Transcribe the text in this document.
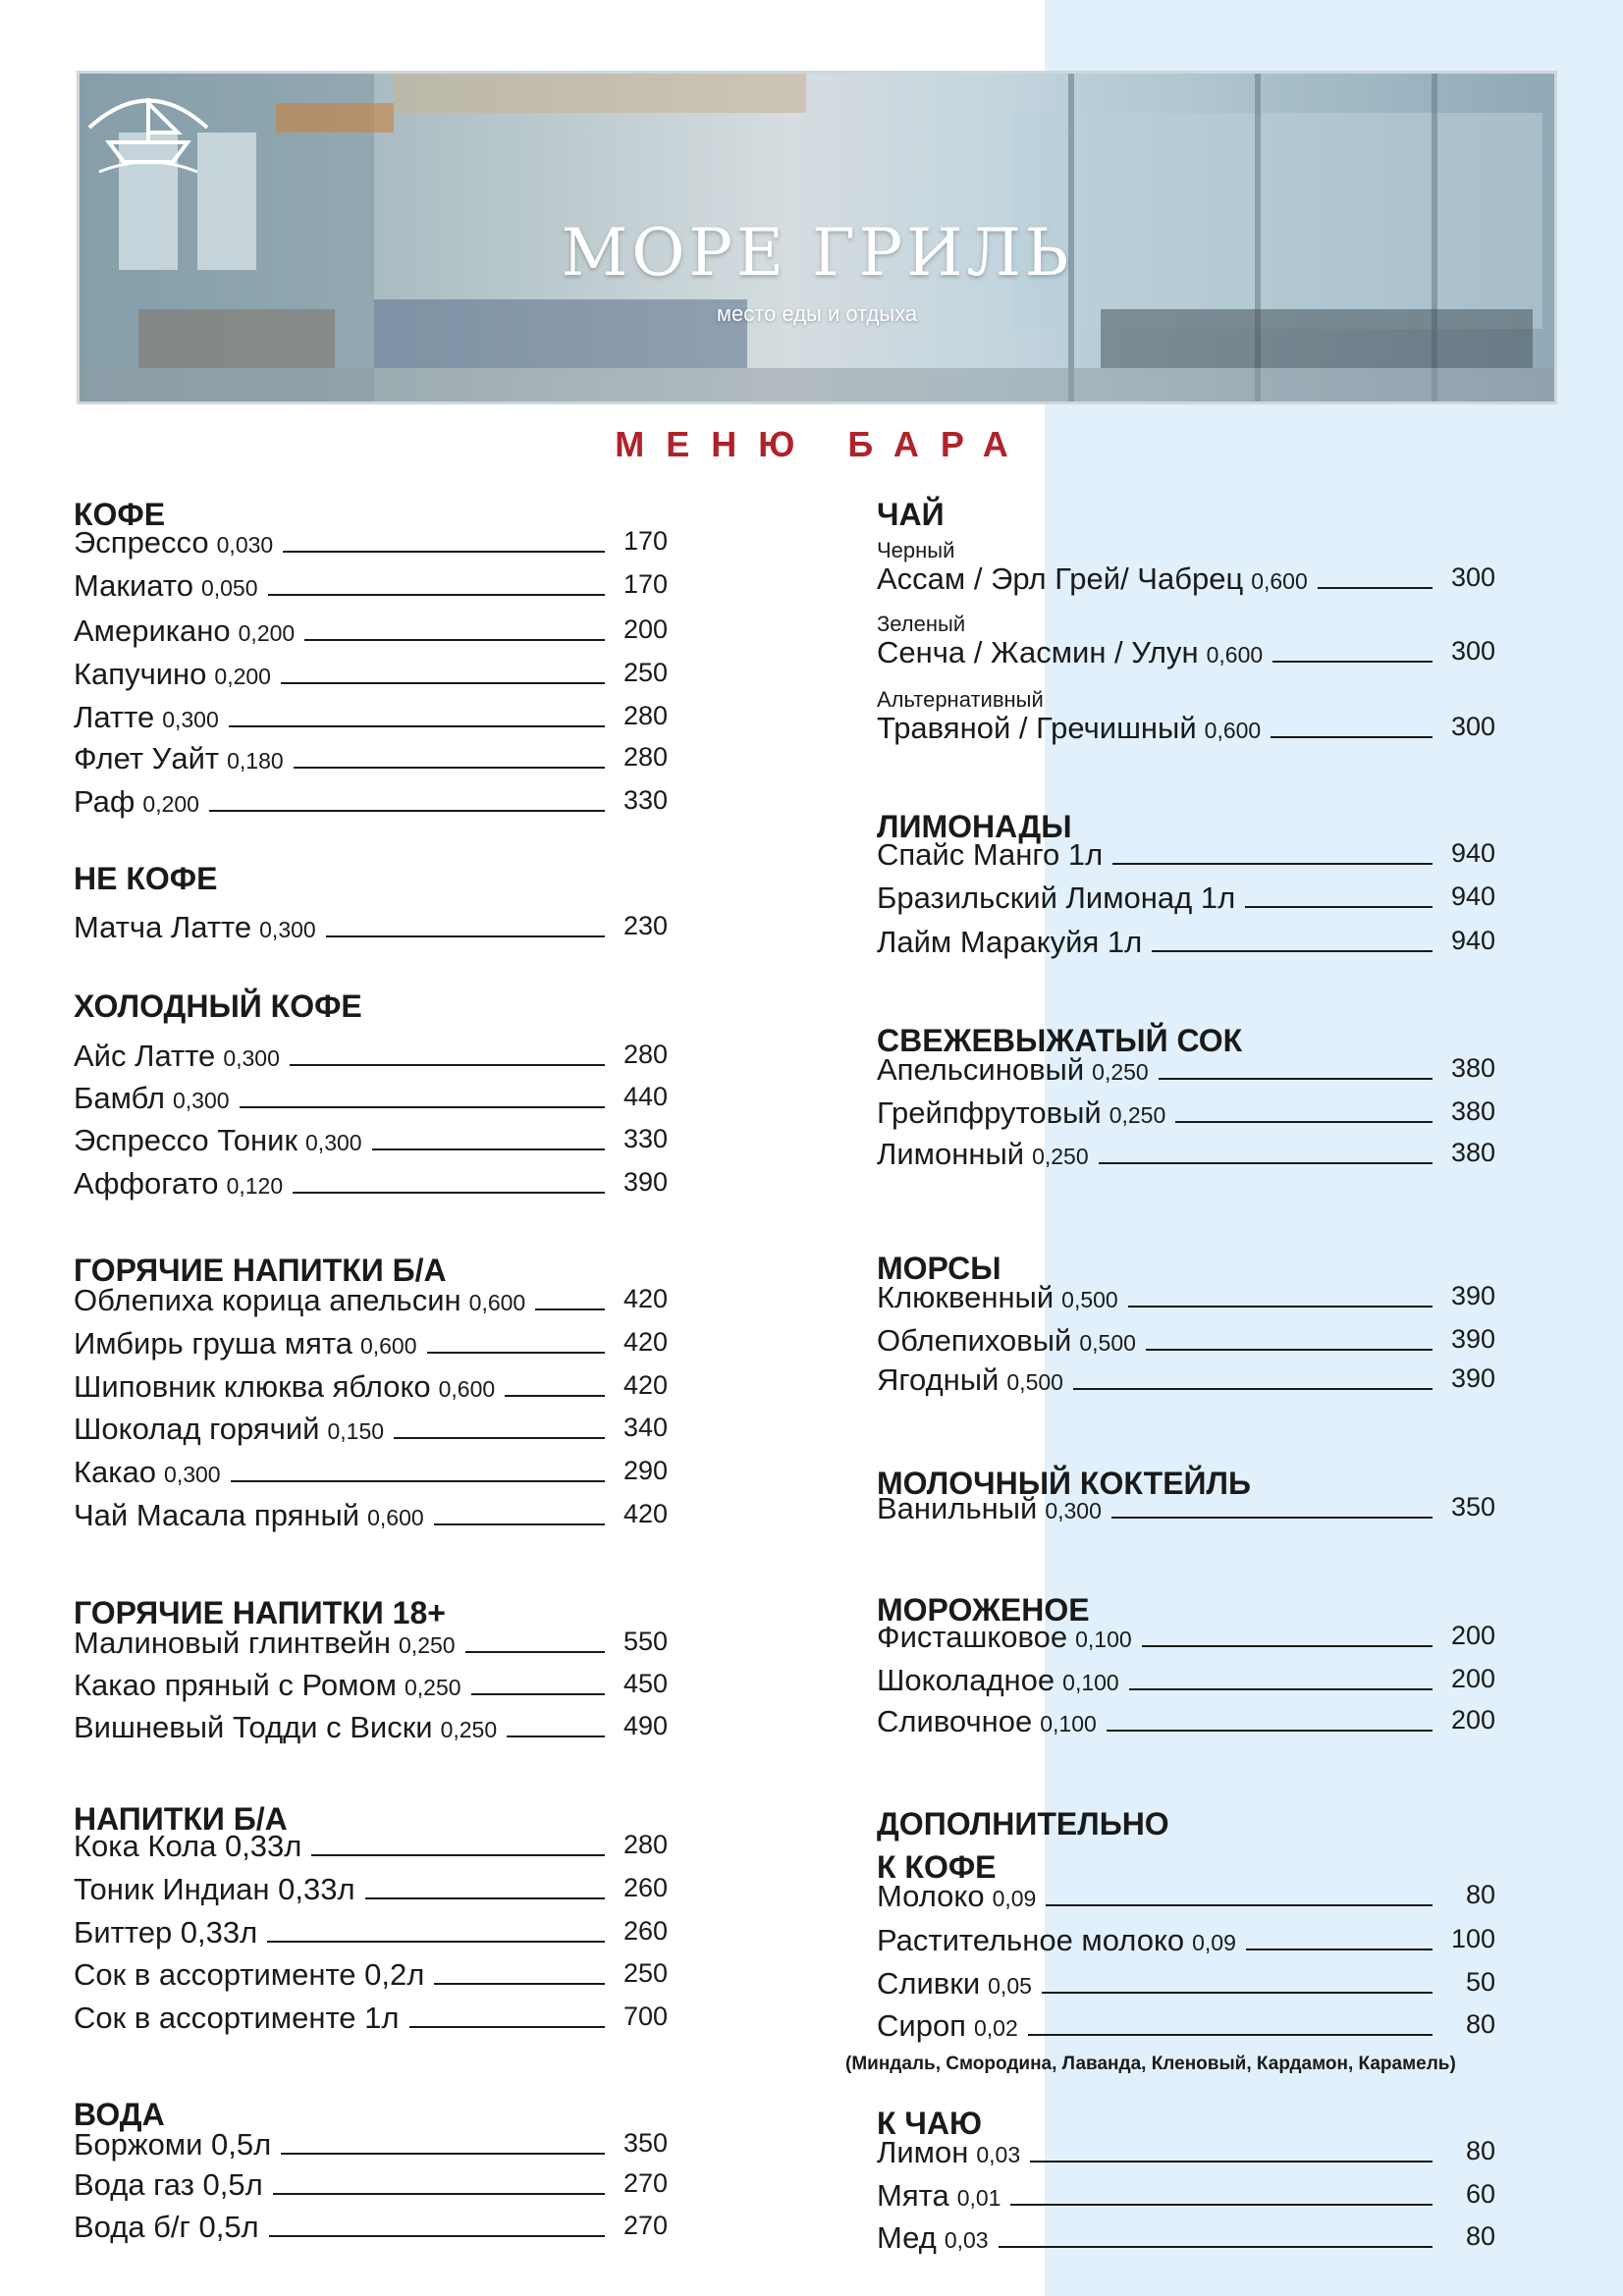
МОРЕ ГРИЛЬ
место еды и отдыха
МЕНЮ БАРА
КОФЕ
Эспрессо 0,030	170
Макиато 0,050	170
Американо 0,200	200
Капучино 0,200	250
Латте 0,300	280
Флет Уайт 0,180	280
Раф 0,200	330
НЕ КОФЕ
Матча Латте 0,300	230
ХОЛОДНЫЙ КОФЕ
Айс Латте 0,300	280
Бамбл 0,300	440
Эспрессо Тоник 0,300	330
Аффогато 0,120	390
ГОРЯЧИЕ НАПИТКИ Б/А
Облепиха корица апельсин 0,600	420
Имбирь груша мята 0,600	420
Шиповник клюква яблоко 0,600	420
Шоколад горячий 0,150	340
Какао 0,300	290
Чай Масала пряный 0,600	420
ГОРЯЧИЕ НАПИТКИ 18+
Малиновый глинтвейн 0,250	550
Какао пряный с Ромом 0,250	450
Вишневый Тодди с Виски 0,250	490
НАПИТКИ Б/А
Кока Кола 0,33л	280
Тоник Индиан 0,33л	260
Биттер 0,33л	260
Сок в ассортименте 0,2л	250
Сок в ассортименте 1л	700
ВОДА
Боржоми 0,5л	350
Вода газ 0,5л	270
Вода б/г 0,5л	270
ЧАЙ
Черный
Ассам / Эрл Грей/ Чабрец 0,600	300
Зеленый
Сенча / Жасмин / Улун 0,600	300
Альтернативный
Травяной / Гречишный 0,600	300
ЛИМОНАДЫ
Спайс Манго 1л	940
Бразильский Лимонад 1л	940
Лайм Маракуйя 1л	940
СВЕЖЕВЫЖАТЫЙ СОК
Апельсиновый 0,250	380
Грейпфрутовый 0,250	380
Лимонный 0,250	380
МОРСЫ
Клюквенный 0,500	390
Облепиховый 0,500	390
Ягодный 0,500	390
МОЛОЧНЫЙ КОКТЕЙЛЬ
Ванильный 0,300	350
МОРОЖЕНОЕ
Фисташковое 0,100	200
Шоколадное 0,100	200
Сливочное 0,100	200
ДОПОЛНИТЕЛЬНО
К КОФЕ
Молоко 0,09	80
Растительное молоко 0,09	100
Сливки 0,05	50
Сироп 0,02	80
(Миндаль, Смородина, Лаванда, Кленовый, Кардамон, Карамель)
К ЧАЮ
Лимон 0,03	80
Мята 0,01	60
Мед 0,03	80
